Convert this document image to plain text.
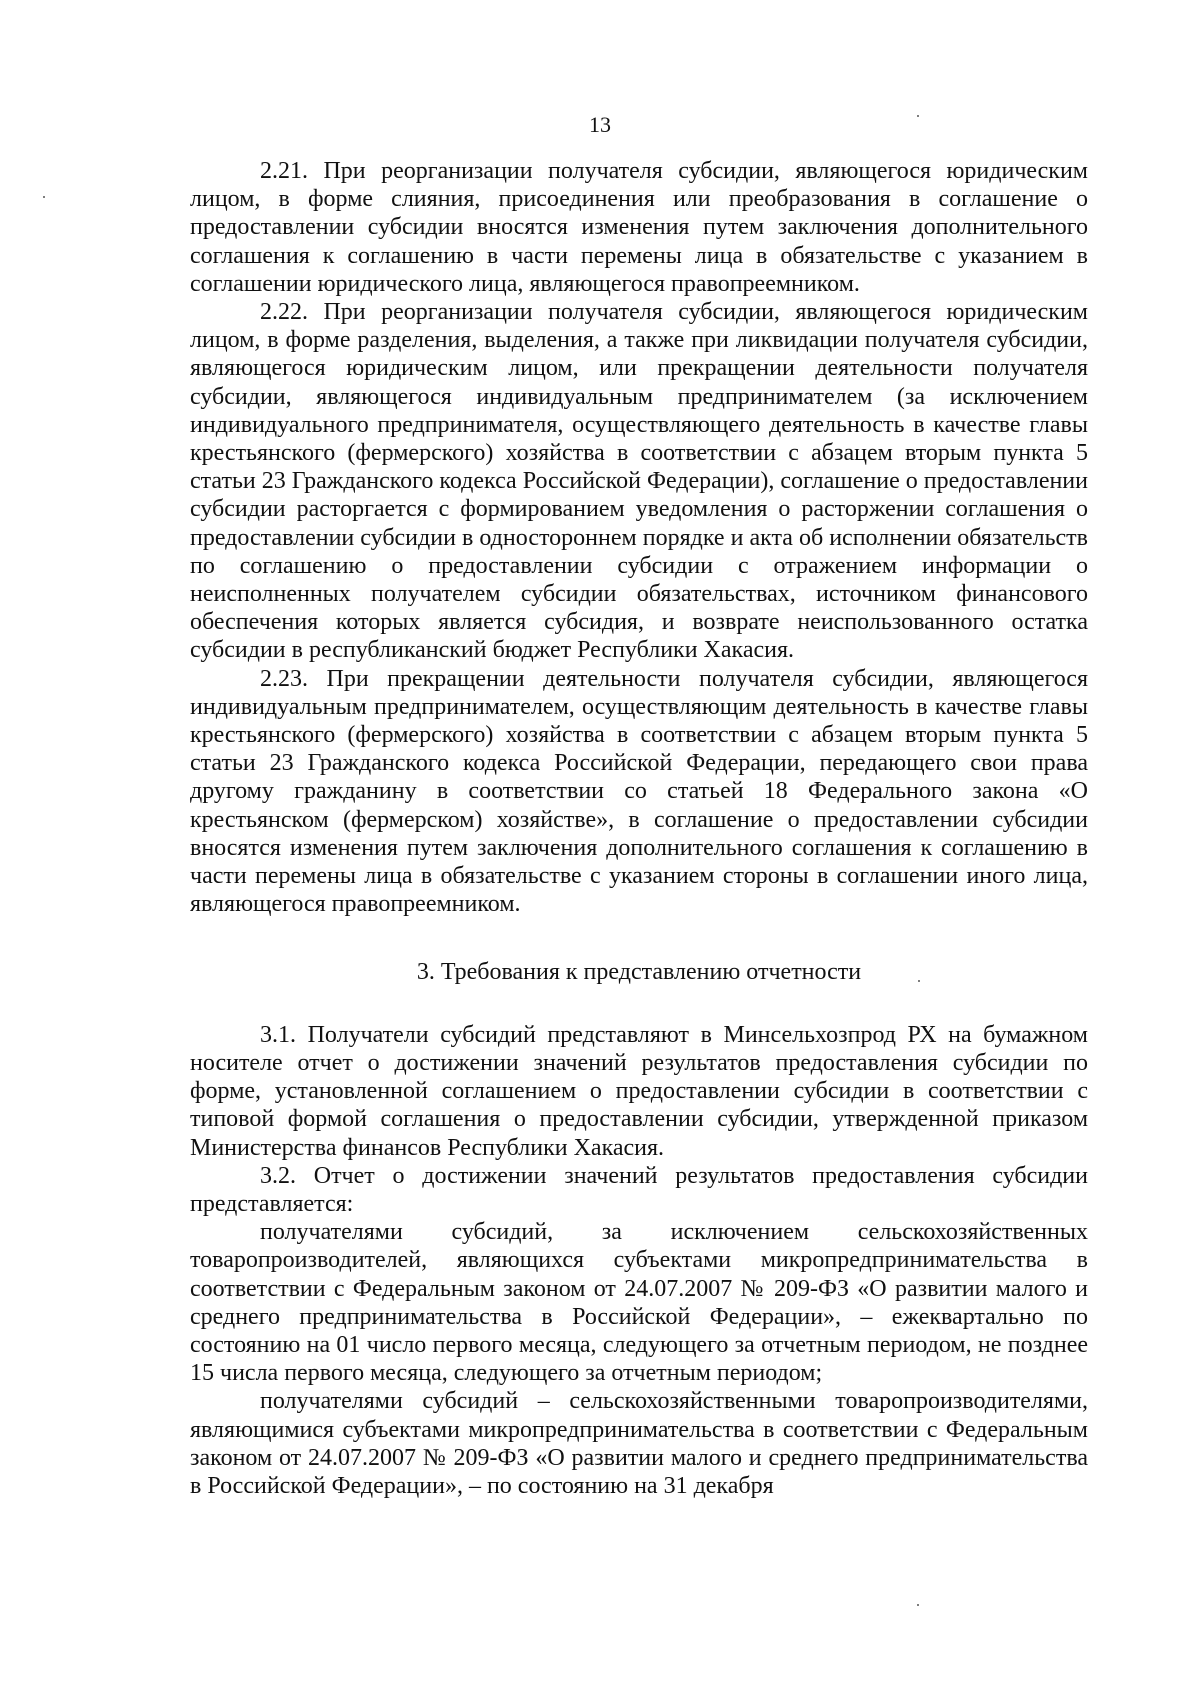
13

2.21. При реорганизации получателя субсидии, являющегося юридическим лицом, в форме слияния, присоединения или преобразования в соглашение о предоставлении субсидии вносятся изменения путем заключения дополнительного соглашения к соглашению в части перемены лица в обязательстве с указанием в соглашении юридического лица, являющегося правопреемником.

2.22. При реорганизации получателя субсидии, являющегося юридическим лицом, в форме разделения, выделения, а также при ликвидации получателя субсидии, являющегося юридическим лицом, или прекращении деятельности получателя субсидии, являющегося индивидуальным предпринимателем (за исключением индивидуального предпринимателя, осуществляющего деятельность в качестве главы крестьянского (фермерского) хозяйства в соответствии с абзацем вторым пункта 5 статьи 23 Гражданского кодекса Российской Федерации), соглашение о предоставлении субсидии расторгается с формированием уведомления о расторжении соглашения о предоставлении субсидии в одностороннем порядке и акта об исполнении обязательств по соглашению о предоставлении субсидии с отражением информации о неисполненных получателем субсидии обязательствах, источником финансового обеспечения которых является субсидия, и возврате неиспользованного остатка субсидии в республиканский бюджет Республики Хакасия.

2.23. При прекращении деятельности получателя субсидии, являющегося индивидуальным предпринимателем, осуществляющим деятельность в качестве главы крестьянского (фермерского) хозяйства в соответствии с абзацем вторым пункта 5 статьи 23 Гражданского кодекса Российской Федерации, передающего свои права другому гражданину в соответствии со статьей 18 Федерального закона «О крестьянском (фермерском) хозяйстве», в соглашение о предоставлении субсидии вносятся изменения путем заключения дополнительного соглашения к соглашению в части перемены лица в обязательстве с указанием стороны в соглашении иного лица, являющегося правопреемником.

3. Требования к представлению отчетности

3.1. Получатели субсидий представляют в Минсельхозпрод РХ на бумажном носителе отчет о достижении значений результатов предоставления субсидии по форме, установленной соглашением о предоставлении субсидии в соответствии с типовой формой соглашения о предоставлении субсидии, утвержденной приказом Министерства финансов Республики Хакасия.

3.2. Отчет о достижении значений результатов предоставления субсидии представляется:

получателями субсидий, за исключением сельскохозяйственных товаропроизводителей, являющихся субъектами микропредпринимательства в соответствии с Федеральным законом от 24.07.2007 № 209-ФЗ «О развитии малого и среднего предпринимательства в Российской Федерации», – ежеквартально по состоянию на 01 число первого месяца, следующего за отчетным периодом, не позднее 15 числа первого месяца, следующего за отчетным периодом;

получателями субсидий – сельскохозяйственными товаропроизводителями, являющимися субъектами микропредпринимательства в соответствии с Федеральным законом от 24.07.2007 № 209-ФЗ «О развитии малого и среднего предпринимательства в Российской Федерации», – по состоянию на 31 декабря
